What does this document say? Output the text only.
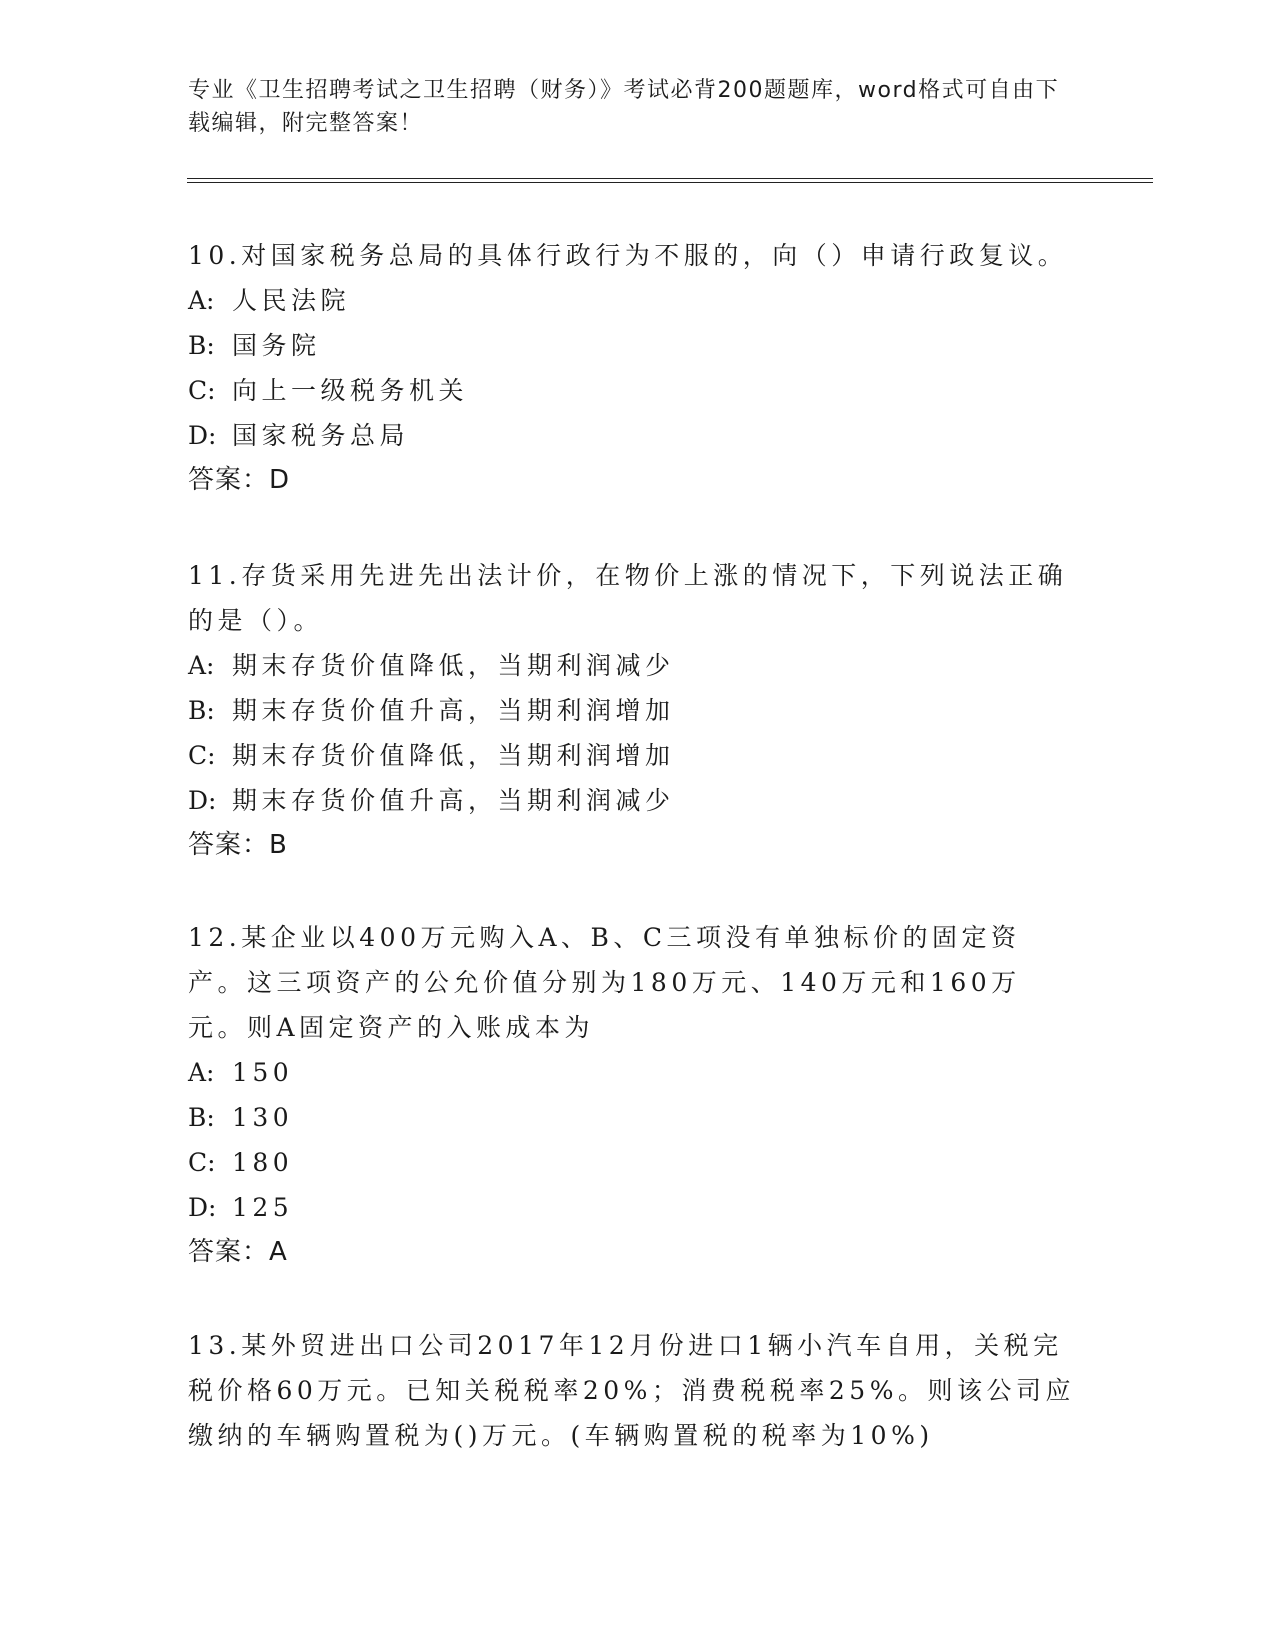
专业《卫生招聘考试之卫生招聘（财务）》考试必背200题题库，word格式可自由下载编辑，附完整答案！
10.对国家税务总局的具体行政行为不服的，向（）申请行政复议。
A: 人民法院
B: 国务院
C: 向上一级税务机关
D: 国家税务总局
答案：D
11.存货采用先进先出法计价，在物价上涨的情况下，下列说法正确的是（）。
A: 期末存货价值降低，当期利润减少
B: 期末存货价值升高，当期利润增加
C: 期末存货价值降低，当期利润增加
D: 期末存货价值升高，当期利润减少
答案：B
12.某企业以400万元购入A、B、C三项没有单独标价的固定资产。这三项资产的公允价值分别为180万元、140万元和160万元。则A固定资产的入账成本为
A: 150
B: 130
C: 180
D: 125
答案：A
13.某外贸进出口公司2017年12月份进口1辆小汽车自用，关税完税价格60万元。已知关税税率20%；消费税税率25%。则该公司应缴纳的车辆购置税为()万元。(车辆购置税的税率为10%)
